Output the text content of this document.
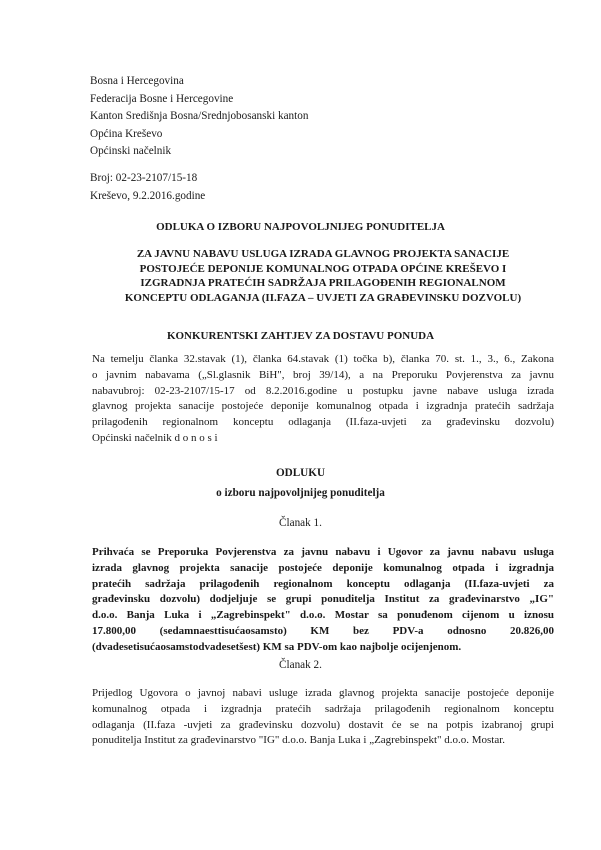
Bosna i Hercegovina
Federacija Bosne i Hercegovine
Kanton Središnja Bosna/Srednjobosanski kanton
Općina Kreševo
Općinski načelnik
Broj: 02-23-2107/15-18
Kreševo, 9.2.2016.godine
ODLUKA O IZBORU NAJPOVOLJNIJEG PONUDITELJA
ZA JAVNU NABAVU USLUGA IZRADA GLAVNOG PROJEKTA SANACIJE
POSTOJEĆE DEPONIJE KOMUNALNOG OTPADA OPĆINE KREŠEVO I
IZGRADNJA PRATEĆIH SADRŽAJA PRILAGOĐENIH REGIONALNOM
KONCEPTU ODLAGANJA (II.FAZA – UVJETI ZA GRAĐEVINSKU DOZVOLU)
KONKURENTSKI ZAHTJEV ZA DOSTAVU PONUDA
Na temelju članka 32.stavak (1), članka 64.stavak (1) točka b), članka 70. st. 1., 3., 6., Zakona
o javnim nabavama („Sl.glasnik BiH", broj 39/14), a na Preporuku Povjerenstva za javnu
nabavubroj: 02-23-2107/15-17 od 8.2.2016.godine u postupku javne nabave usluga izrada
glavnog projekta sanacije postojeće deponije komunalnog otpada i izgradnja pratećih sadržaja
prilagođenih regionalnom konceptu odlaganja (II.faza-uvjeti za građevinsku dozvolu)
Općinski načelnik d o n o s i
ODLUKU
o izboru najpovoljnijeg ponuditelja
Članak 1.
Prihvaća se Preporuka Povjerenstva za javnu nabavu i Ugovor za javnu nabavu usluga
izrada glavnog projekta sanacije postojeće deponije komunalnog otpada i izgradnja
pratećih sadržaja prilagođenih regionalnom konceptu odlaganja (II.faza-uvjeti za
građevinsku dozvolu) dodjeljuje se grupi ponuditelja Institut za građevinarstvo „IG"
d.o.o. Banja Luka i „Zagrebinspekt" d.o.o. Mostar sa ponuđenom cijenom u iznosu
17.800,00 (sedamnaesttisućaosamsto) KM bez PDV-a odnosno 20.826,00
(dvadesetisućaosamstodvadesetšest) KM sa PDV-om kao najbolje ocijenjenom.
Članak 2.
Prijedlog Ugovora o javnoj nabavi usluge izrada glavnog projekta sanacije postojeće deponije
komunalnog otpada i izgradnja pratećih sadržaja prilagođenih regionalnom konceptu
odlaganja (II.faza -uvjeti za građevinsku dozvolu) dostavit će se na potpis izabranoj grupi
ponuditelja Institut za građevinarstvo "IG" d.o.o. Banja Luka i „Zagrebinspekt" d.o.o. Mostar.
